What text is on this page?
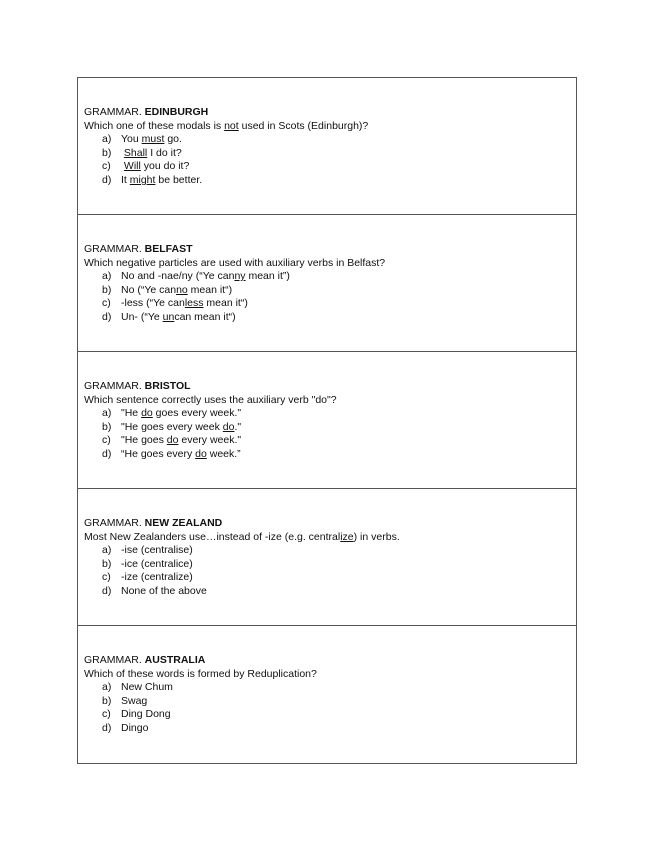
GRAMMAR. EDINBURGH
Which one of these modals is not used in Scots (Edinburgh)?
a) You must go.
b) Shall I do it?
c) Will you do it?
d) It might be better.
GRAMMAR. BELFAST
Which negative particles are used with auxiliary verbs in Belfast?
a) No and -nae/ny (“Ye canny mean it”)
b) No (“Ye canno mean it“)
c) -less (“Ye canless mean it“)
d) Un- (“Ye uncan mean it“)
GRAMMAR. BRISTOL
Which sentence correctly uses the auxiliary verb "do"?
a) "He do goes every week."
b) "He goes every week do."
c) "He goes do every week."
d) “He goes every do week.”
GRAMMAR. NEW ZEALAND
Most New Zealanders use…instead of -ize (e.g. centralize) in verbs.
a) -ise (centralise)
b) -ice (centralice)
c) -ize (centralize)
d) None of the above
GRAMMAR. AUSTRALIA
Which of these words is formed by Reduplication?
a) New Chum
b) Swag
c) Ding Dong
d) Dingo
